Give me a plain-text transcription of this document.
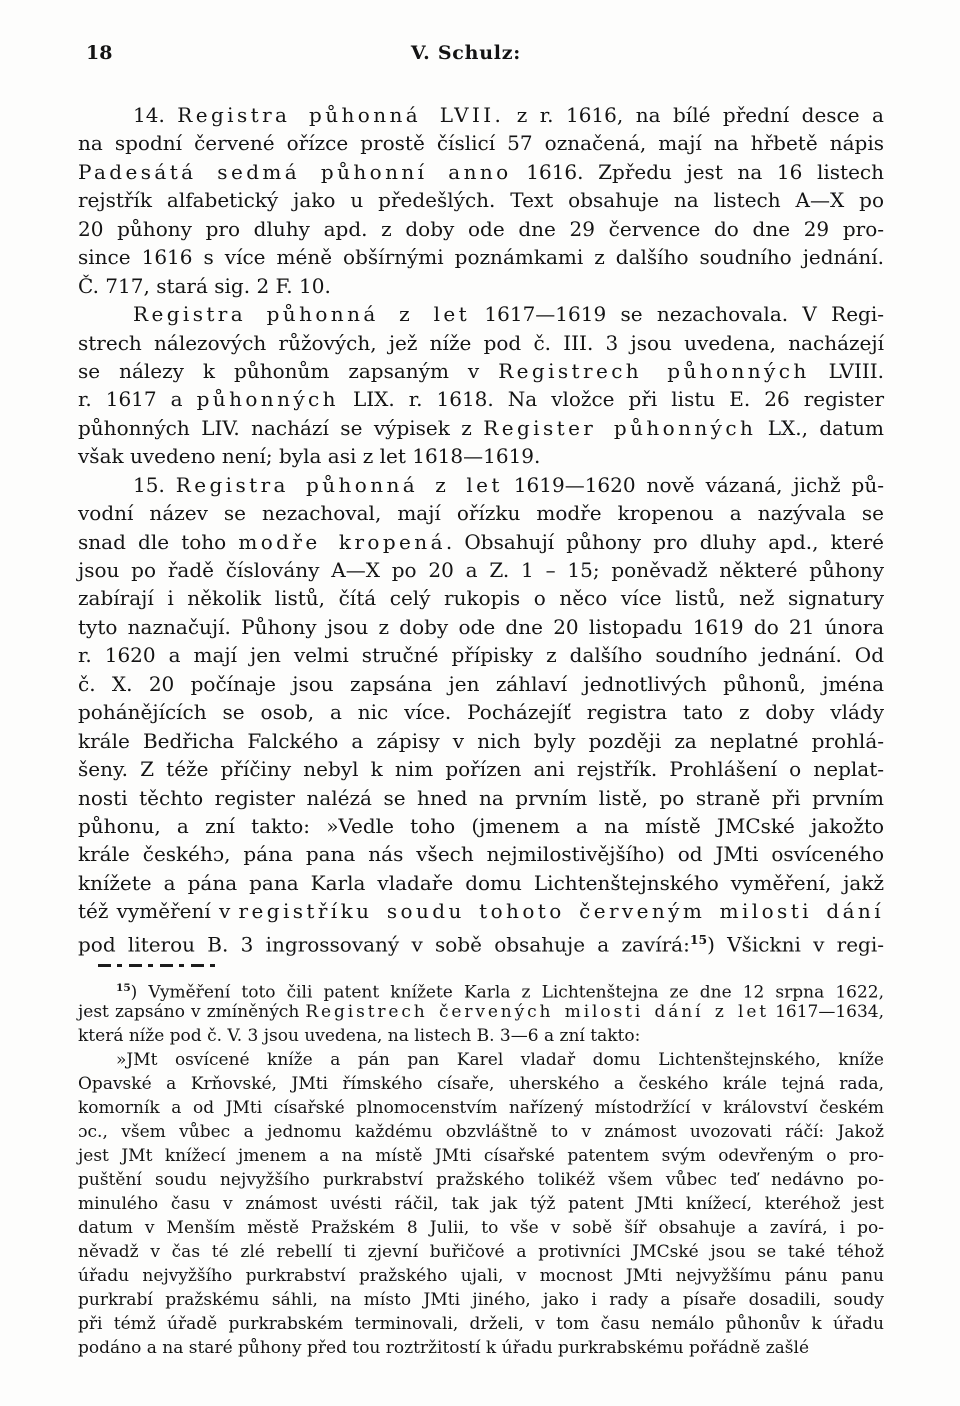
18	V. Schulz:
14. Registra půhonná LVII. z r. 1616, na bílé přední desce a
na spodní červené ořízce prostě číslicí 57 označená, mají na hřbetě nápis
Padesátá sedmá půhonní anno 1616. Zpředu jest na 16 listech
rejstřík alfabetický jako u předešlých. Text obsahuje na listech A—X po
20 půhony pro dluhy apd. z doby ode dne 29 července do dne 29 pro-
since 1616 s více méně obšírnými poznámkami z dalšího soudního jednání.
Č. 717, stará sig. 2 F. 10.
Registra půhonná z let 1617—1619 se nezachovala. V Regi-
strech nálezových růžových, jež níže pod č. III. 3 jsou uvedena, nacházejí
se nálezy k půhonům zapsaným v Registrech půhonných LVIII.
r. 1617 a půhonných LIX. r. 1618. Na vložce při listu E. 26 register
půhonných LIV. nachází se výpisek z Register půhonných LX., datum
však uvedeno není; byla asi z let 1618—1619.
15. Registra půhonná z let 1619—1620 nově vázaná, jichž pů-
vodní název se nezachoval, mají ořízku modře kropenou a nazývala se
snad dle toho modře kropená. Obsahují půhony pro dluhy apd., které
jsou po řadě číslovány A—X po 20 a Z. 1 – 15; poněvadž některé půhony
zabírají i několik listů, čítá celý rukopis o něco více listů, než signatury
tyto naznačují. Půhony jsou z doby ode dne 20 listopadu 1619 do 21 února
r. 1620 a mají jen velmi stručné přípisky z dalšího soudního jednání. Od
č. X. 20 počínaje jsou zapsána jen záhlaví jednotlivých půhonů, jména
pohánějících se osob, a nic více. Pocházejíť registra tato z doby vlády
krále Bedřicha Falckého a zápisy v nich byly později za neplatné prohlá-
šeny. Z téže příčiny nebyl k nim pořízen ani rejstřík. Prohlášení o neplat-
nosti těchto register nalézá se hned na prvním listě, po straně při prvním
půhonu, a zní takto: »Vedle toho (jmenem a na místě JMCské jakožto
krále českéhɔ, pána pana nás všech nejmilostivějšího) od JMti osvíceného
knížete a pána pana Karla vladaře domu Lichtenštejnského vyměření, jakž
též vyměření v registříku soudu tohoto červeným milosti dání
pod literou B. 3 ingrossovaný v sobě obsahuje a zavírá:$^{15}$) Všickni v regi-
$^{15}$) Vyměření toto čili patent knížete Karla z Lichtenštejna ze dne 12 srpna 1622,
jest zapsáno v zmíněných Registrech červených milosti dání z let 1617—1634,
která níže pod č. V. 3 jsou uvedena, na listech B. 3—6 a zní takto:
»JMt osvícené kníže a pán pan Karel vladař domu Lichtenštejnského, kníže
Opavské a Krňovské, JMti římského císaře, uherského a českého krále tejná rada,
komorník a od JMti císařské plnomocenstvím nařízený místodržící v království českém
ɔc., všem vůbec a jednomu každému obzvláštně to v známost uvozovati ráčí: Jakož
jest JMt knížecí jmenem a na místě JMti císařské patentem svým odevřeným o pro-
puštění soudu nejvyžšího purkrabství pražského tolikéž všem vůbec teď nedávno po-
minulého času v známost uvésti ráčil, tak jak týž patent JMti knížecí, kteréhož jest
datum v Menším městě Pražském 8 Julii, to vše v sobě šíř obsahuje a zavírá, i po-
něvadž v čas té zlé rebellí ti zjevní buřičové a protivníci JMCské jsou se také téhož
úřadu nejvyžšího purkrabství pražského ujali, v mocnost JMti nejvyžšímu pánu panu
purkrabí pražskému sáhli, na místo JMti jiného, jako i rady a písaře dosadili, soudy
při témž úřadě purkrabském terminovali, drželi, v tom času nemálo půhonův k úřadu
podáno a na staré půhony před tou roztržitostí k úřadu purkrabskému pořádně zašlé
